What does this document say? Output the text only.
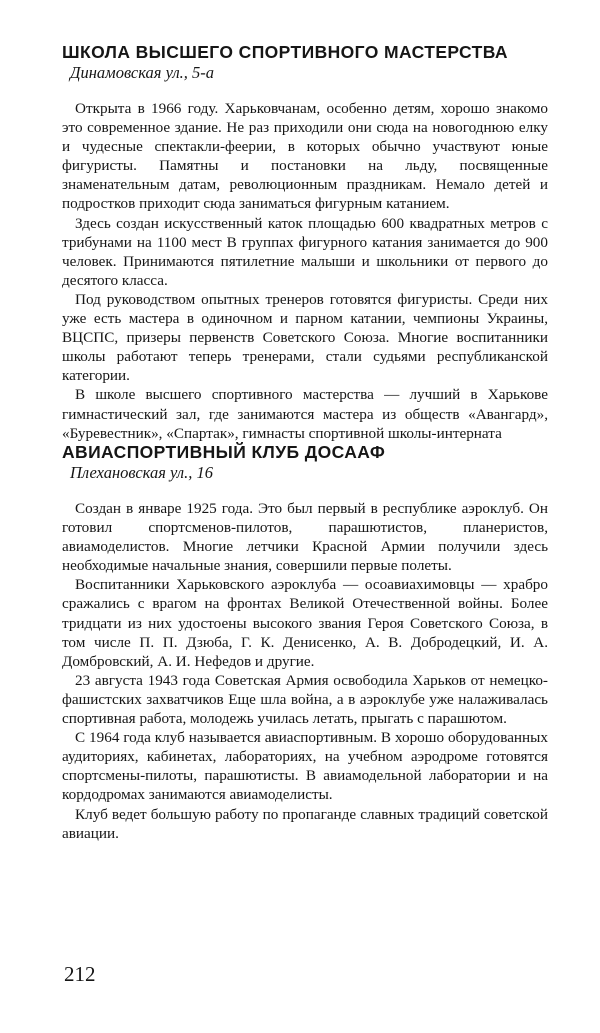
ШКОЛА ВЫСШЕГО СПОРТИВНОГО МАСТЕРСТВА

Динамовская ул., 5-а

Открыта в 1966 году. Харьковчанам, особенно детям, хорошо знакомо это современное здание. Не раз приходили они сюда на новогоднюю елку и чудесные спектакли-феерии, в которых обычно участвуют юные фигуристы. Памятны и постановки на льду, посвященные знаменательным датам, революционным праздникам. Немало детей и подростков приходит сюда заниматься фигурным катанием.

Здесь создан искусственный каток площадью 600 квадратных метров с трибунами на 1100 мест В группах фигурного катания занимается до 900 человек. Принимаются пятилетние малыши и школьники от первого до десятого класса.

Под руководством опытных тренеров готовятся фигуристы. Среди них уже есть мастера в одиночном и парном катании, чемпионы Украины, ВЦСПС, призеры первенств Советского Союза. Многие воспитанники школы работают теперь тренерами, стали судьями республиканской категории.

В школе высшего спортивного мастерства — лучший в Харькове гимнастический зал, где занимаются мастера из обществ «Авангард», «Буревестник», «Спартак», гимнасты спортивной школы-интерната

АВИАСПОРТИВНЫЙ КЛУБ ДОСААФ

Плехановская ул., 16

Создан в январе 1925 года. Это был первый в республике аэроклуб. Он готовил спортсменов-пилотов, парашютистов, планеристов, авиамоделистов. Многие летчики Красной Армии получили здесь необходимые начальные знания, совершили первые полеты.

Воспитанники Харьковского аэроклуба — осоавиахимовцы — храбро сражались с врагом на фронтах Великой Отечественной войны. Более тридцати из них удостоены высокого звания Героя Советского Союза, в том числе П. П. Дзюба, Г. К. Денисенко, А. В. Добродецкий, И. А. Домбровский, А. И. Нефедов и другие.

23 августа 1943 года Советская Армия освободила Харьков от немецко-фашистских захватчиков Еще шла война, а в аэроклубе уже налаживалась спортивная работа, молодежь училась летать, прыгать с парашютом.

С 1964 года клуб называется авиаспортивным. В хорошо оборудованных аудиториях, кабинетах, лабораториях, на учебном аэродроме готовятся спортсмены-пилоты, парашютисты. В авиамодельной лаборатории и на кордодромах занимаются авиамоделисты.

Клуб ведет большую работу по пропаганде славных традиций советской авиации.

212
